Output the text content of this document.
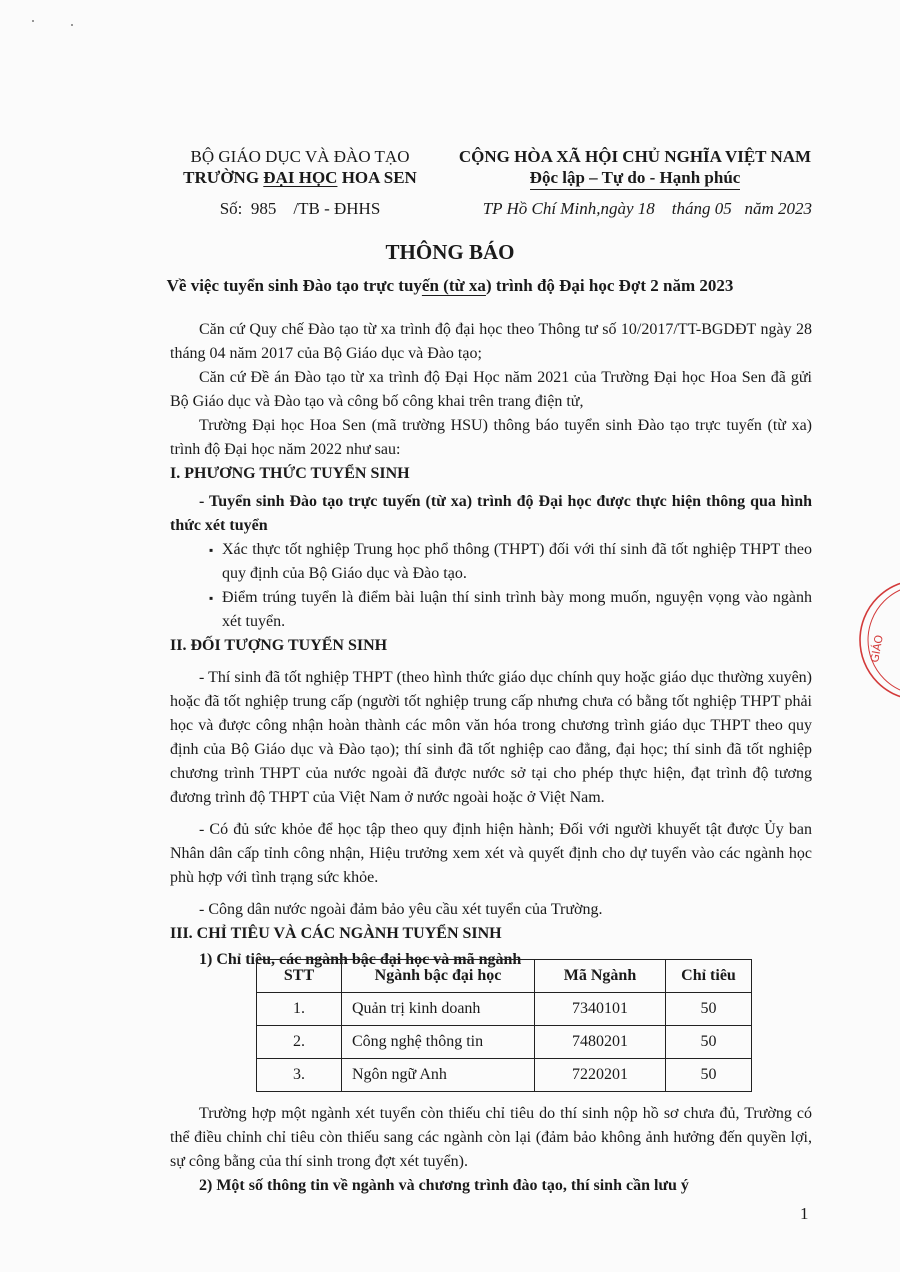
BỘ GIÁO DỤC VÀ ĐÀO TẠO
TRƯỜNG ĐẠI HỌC HOA SEN
Số:  985    /TB - ĐHHS
CỘNG HÒA XÃ HỘI CHỦ NGHĨA VIỆT NAM
Độc lập – Tự do - Hạnh phúc
TP Hồ Chí Minh,ngày 18    tháng 05   năm 2023
THÔNG BÁO
Về việc tuyển sinh Đào tạo trực tuyến (từ xa) trình độ Đại học Đợt 2 năm 2023

Căn cứ Quy chế Đào tạo từ xa trình độ đại học theo Thông tư số 10/2017/TT-BGDĐT ngày 28 tháng 04 năm 2017 của Bộ Giáo dục và Đào tạo;

Căn cứ Đề án Đào tạo từ xa trình độ Đại Học năm 2021 của Trường Đại học Hoa Sen đã gửi Bộ Giáo dục và Đào tạo và công bố công khai trên trang điện tử,

Trường Đại học Hoa Sen (mã trường HSU) thông báo tuyển sinh Đào tạo trực tuyến (từ xa) trình độ Đại học năm 2022 như sau:

I. PHƯƠNG THỨC TUYỂN SINH

- Tuyển sinh Đào tạo trực tuyến (từ xa) trình độ Đại học được thực hiện thông qua hình thức xét tuyển

▪ Xác thực tốt nghiệp Trung học phổ thông (THPT) đối với thí sinh đã tốt nghiệp THPT theo quy định của Bộ Giáo dục và Đào tạo.
▪ Điểm trúng tuyển là điểm bài luận thí sinh trình bày mong muốn, nguyện vọng vào ngành xét tuyển.

II. ĐỐI TƯỢNG TUYỂN SINH

- Thí sinh đã tốt nghiệp THPT (theo hình thức giáo dục chính quy hoặc giáo dục thường xuyên) hoặc đã tốt nghiệp trung cấp (người tốt nghiệp trung cấp nhưng chưa có bằng tốt nghiệp THPT phải học và được công nhận hoàn thành các môn văn hóa trong chương trình giáo dục THPT theo quy định của Bộ Giáo dục và Đào tạo); thí sinh đã tốt nghiệp cao đẳng, đại học; thí sinh đã tốt nghiệp chương trình THPT của nước ngoài đã được nước sở tại cho phép thực hiện, đạt trình độ tương đương trình độ THPT của Việt Nam ở nước ngoài hoặc ở Việt Nam.

- Có đủ sức khỏe để học tập theo quy định hiện hành; Đối với người khuyết tật được Ủy ban Nhân dân cấp tỉnh công nhận, Hiệu trưởng xem xét và quyết định cho dự tuyển vào các ngành học phù hợp với tình trạng sức khỏe.

- Công dân nước ngoài đảm bảo yêu cầu xét tuyển của Trường.

III. CHỈ TIÊU VÀ CÁC NGÀNH TUYỂN SINH

1) Chỉ tiêu, các ngành bậc đại học và mã ngành

STT	Ngành bậc đại học	Mã Ngành	Chỉ tiêu
1.	Quản trị kinh doanh	7340101	50
2.	Công nghệ thông tin	7480201	50
3.	Ngôn ngữ Anh	7220201	50

Trường hợp một ngành xét tuyển còn thiếu chỉ tiêu do thí sinh nộp hồ sơ chưa đủ, Trường có thể điều chỉnh chỉ tiêu còn thiếu sang các ngành còn lại (đảm bảo không ảnh hưởng đến quyền lợi, sự công bằng của thí sinh trong đợt xét tuyển).

2) Một số thông tin về ngành và chương trình đào tạo, thí sinh cần lưu ý

GIÁO
1
